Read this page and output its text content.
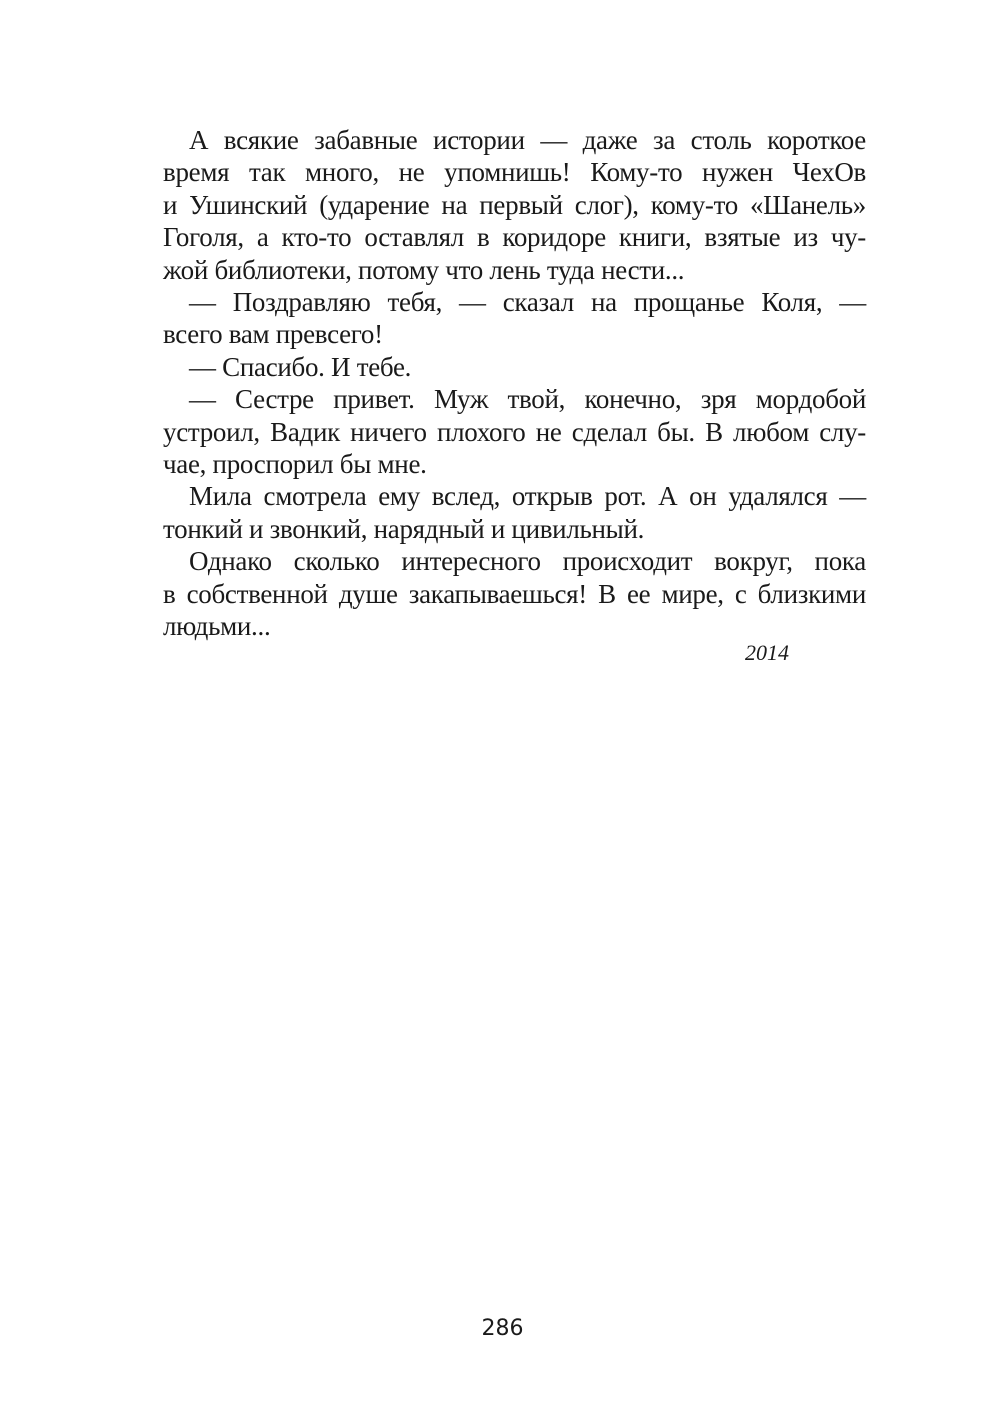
А всякие забавные истории — даже за столь короткое
время так много, не упомнишь! Кому-то нужен ЧехОв
и Ушинский (ударение на первый слог), кому-то «Шанель»
Гоголя, а кто-то оставлял в коридоре книги, взятые из чу-
жой библиотеки, потому что лень туда нести...

— Поздравляю тебя, — сказал на прощанье Коля, —
всего вам превсего!

— Спасибо. И тебе.

— Сестре привет. Муж твой, конечно, зря мордобой
устроил, Вадик ничего плохого не сделал бы. В любом слу-
чае, проспорил бы мне.

Мила смотрела ему вслед, открыв рот. А он удалялся —
тонкий и звонкий, нарядный и цивильный.

Однако сколько интересного происходит вокруг, пока
в собственной душе закапываешься! В ее мире, с близкими
людьми...

2014
286
